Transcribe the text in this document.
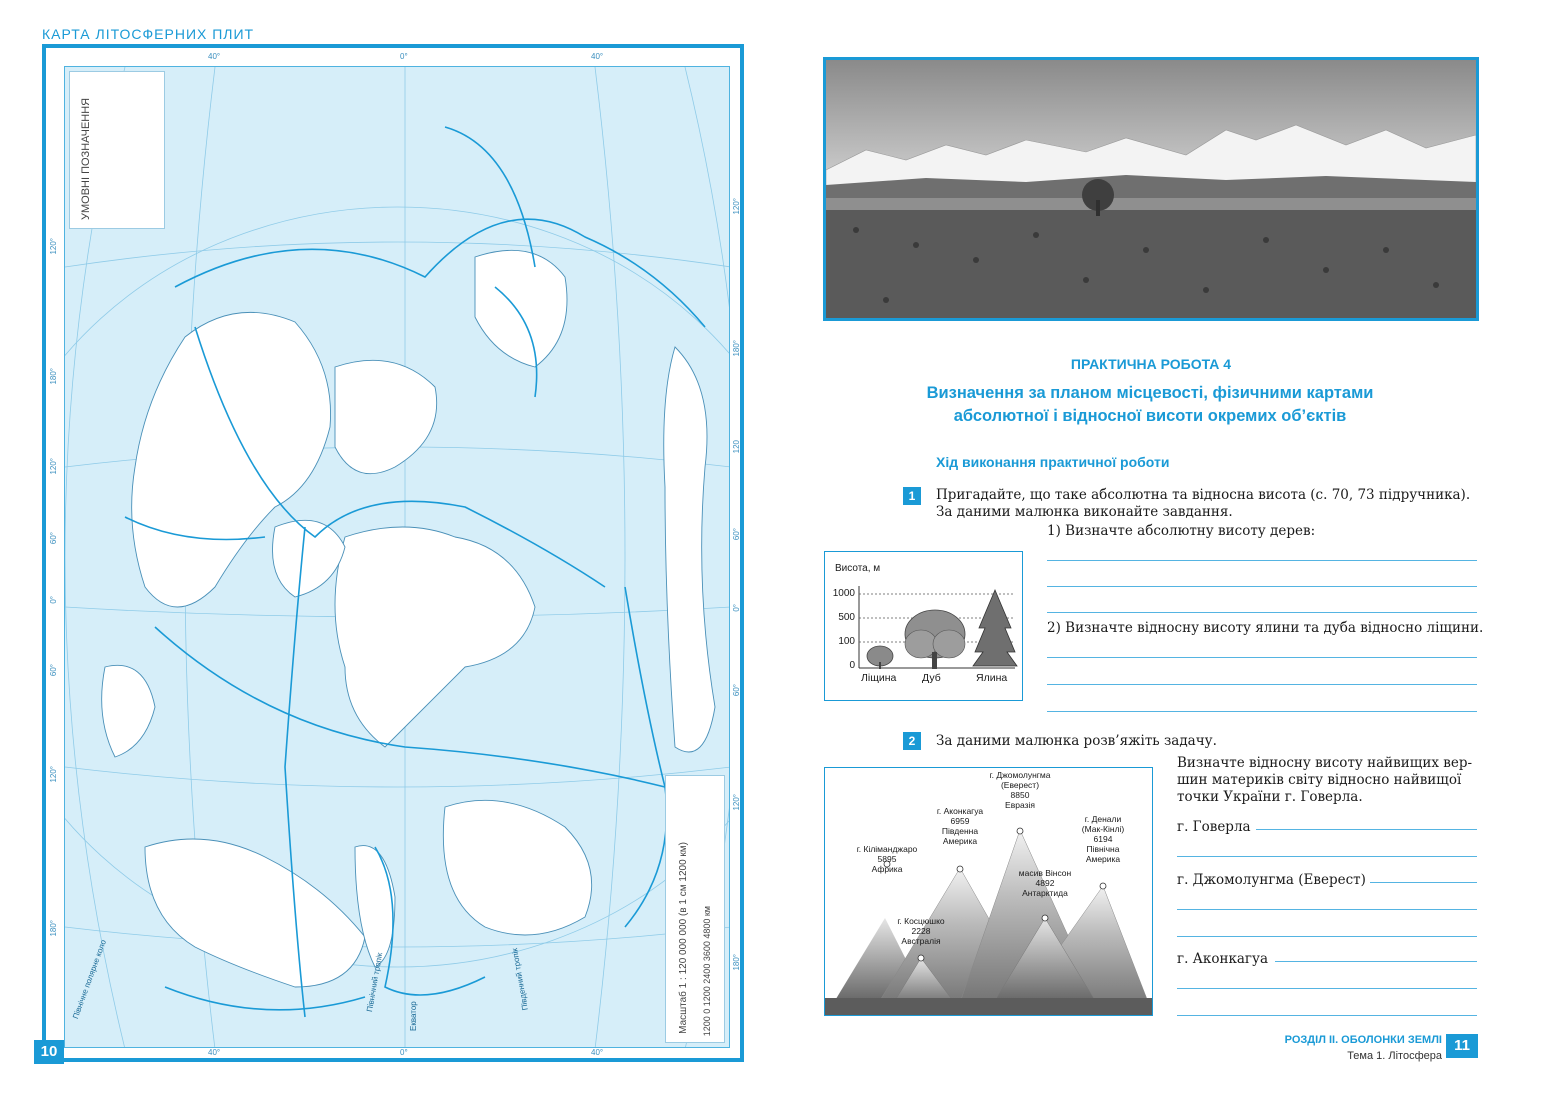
КАРТА ЛІТОСФЕРНИХ ПЛИТ
УМОВНІ ПОЗНАЧЕННЯ
Масштаб 1 : 120 000 000 (в 1 см 1200 км) 1200 0 1200 2400 3600 4800 км
Північний тропік
Екватор
Південний тропік
Північне полярне коло
40°	0°	40°
40°	0°	40°
120°
180°
120°
60°
0°
60°
120°
180°
120°
180°
120
60°
0°
60°
120°
180°
10
ПРАКТИЧНА РОБОТА 4
Визначення за планом місцевості, фізичними картами
абсолютної і відносної висоти окремих об’єктів
Хід виконання практичної роботи
1	Пригадайте, що таке абсолютна та відносна висота (с. 70, 73 підручника).
За даними малюнка виконайте завдання.
1) Визначте абсолютну висоту дерев:
2) Визначте відносну висоту ялини та дуба відносно ліщини.
Висота, м
1000
500
100
0
Ліщина Дуб	Ялина
2	За даними малюнка розв’яжіть задачу.
Визначте відносну висоту найвищих вер-
шин материків світу відносно найвищої
точки України г. Говерла.
г. Говерла
г. Джомолунгма (Еверест)
г. Аконкагуа
г. Джомолунгма
(Еверест)
8850
Евразія
г. Аконкагуа
6959
Південна
Америка
г. Кіліманджаро
5895
Африка
г. Денали
(Мак-Кінлі)
6194
Північна
Америка
масив Вінсон
4892
Антарктида
г. Косцюшко
2228
Австралія
РОЗДІЛ ІІ. ОБОЛОНКИ ЗЕМЛІ
Тема 1. Літосфера
11
